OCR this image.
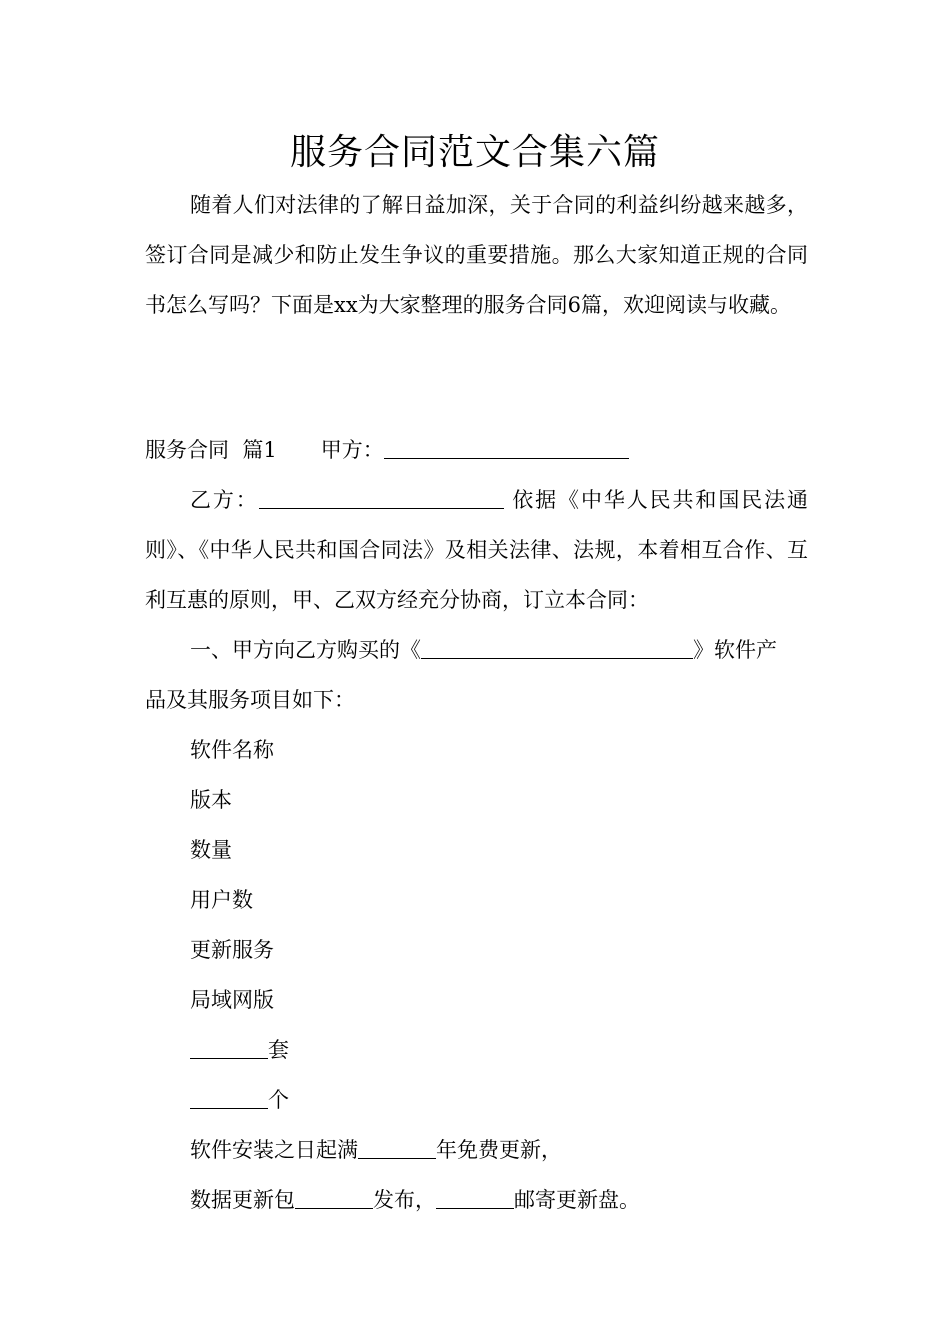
服务合同范文合集六篇

随着人们对法律的了解日益加深，关于合同的利益纠纷越来越多，签订合同是减少和防止发生争议的重要措施。那么大家知道正规的合同书怎么写吗？下面是xx为大家整理的服务合同6篇，欢迎阅读与收藏。

服务合同  篇1 甲方：

乙方：	依据《中华人民共和国民法通则》、《中华人民共和国合同法》及相关法律、法规，本着相互合作、互利互惠的原则，甲、乙双方经充分协商，订立本合同：

一、甲方向乙方购买的《	》软件产
品及其服务项目如下：
软件名称
版本
数量
用户数
更新服务
局域网版
套
个
软件安装之日起满	年免费更新，
数据更新包	发布，	邮寄更新盘。
